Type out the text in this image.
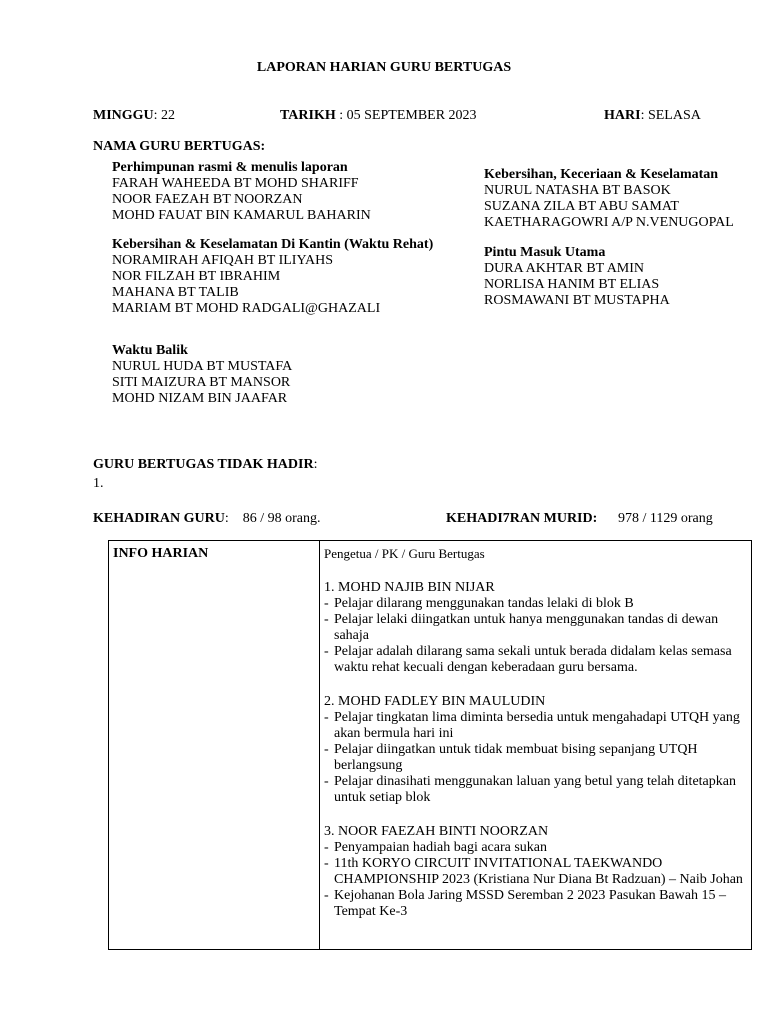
LAPORAN HARIAN GURU BERTUGAS
MINGGU: 22	TARIKH : 05 SEPTEMBER 2023	HARI: SELASA
NAMA GURU BERTUGAS:
Perhimpunan rasmi & menulis laporan
FARAH WAHEEDA BT MOHD SHARIFF
NOOR FAEZAH BT NOORZAN
MOHD FAUAT BIN KAMARUL BAHARIN
Kebersihan & Keselamatan Di Kantin (Waktu Rehat)
NORAMIRAH AFIQAH BT ILIYAHS
NOR FILZAH BT IBRAHIM
MAHANA BT TALIB
MARIAM BT MOHD RADGALI@GHAZALI
Waktu Balik
NURUL HUDA BT MUSTAFA
SITI MAIZURA BT MANSOR
MOHD NIZAM BIN JAAFAR
Kebersihan, Keceriaan & Keselamatan
NURUL NATASHA BT BASOK
SUZANA ZILA BT ABU SAMAT
KAETHARAGOWRI A/P N.VENUGOPAL
Pintu Masuk Utama
DURA AKHTAR BT AMIN
NORLISA HANIM BT ELIAS
ROSMAWANI BT MUSTAPHA
GURU BERTUGAS TIDAK HADIR:
1.
KEHADIRAN GURU:    86 / 98 orang.	KEHADI7RAN MURID: 978 / 1129 orang
INFO HARIAN	Pengetua / PK / Guru Bertugas
1. MOHD NAJIB BIN NIJAR
- Pelajar dilarang menggunakan tandas lelaki di blok B
- Pelajar lelaki diingatkan untuk hanya menggunakan tandas di dewan sahaja
- Pelajar adalah dilarang sama sekali untuk berada didalam kelas semasa waktu rehat kecuali dengan keberadaan guru bersama.
2. MOHD FADLEY BIN MAULUDIN
- Pelajar tingkatan lima diminta bersedia untuk mengahadapi UTQH yang akan bermula hari ini
- Pelajar diingatkan untuk tidak membuat bising sepanjang UTQH berlangsung
- Pelajar dinasihati menggunakan laluan yang betul yang telah ditetapkan untuk setiap blok
3. NOOR FAEZAH BINTI NOORZAN
- Penyampaian hadiah bagi acara sukan
- 11th KORYO CIRCUIT INVITATIONAL TAEKWANDO CHAMPIONSHIP 2023 (Kristiana Nur Diana Bt Radzuan) – Naib Johan
- Kejohanan Bola Jaring MSSD Seremban 2 2023 Pasukan Bawah 15 – Tempat Ke-3
